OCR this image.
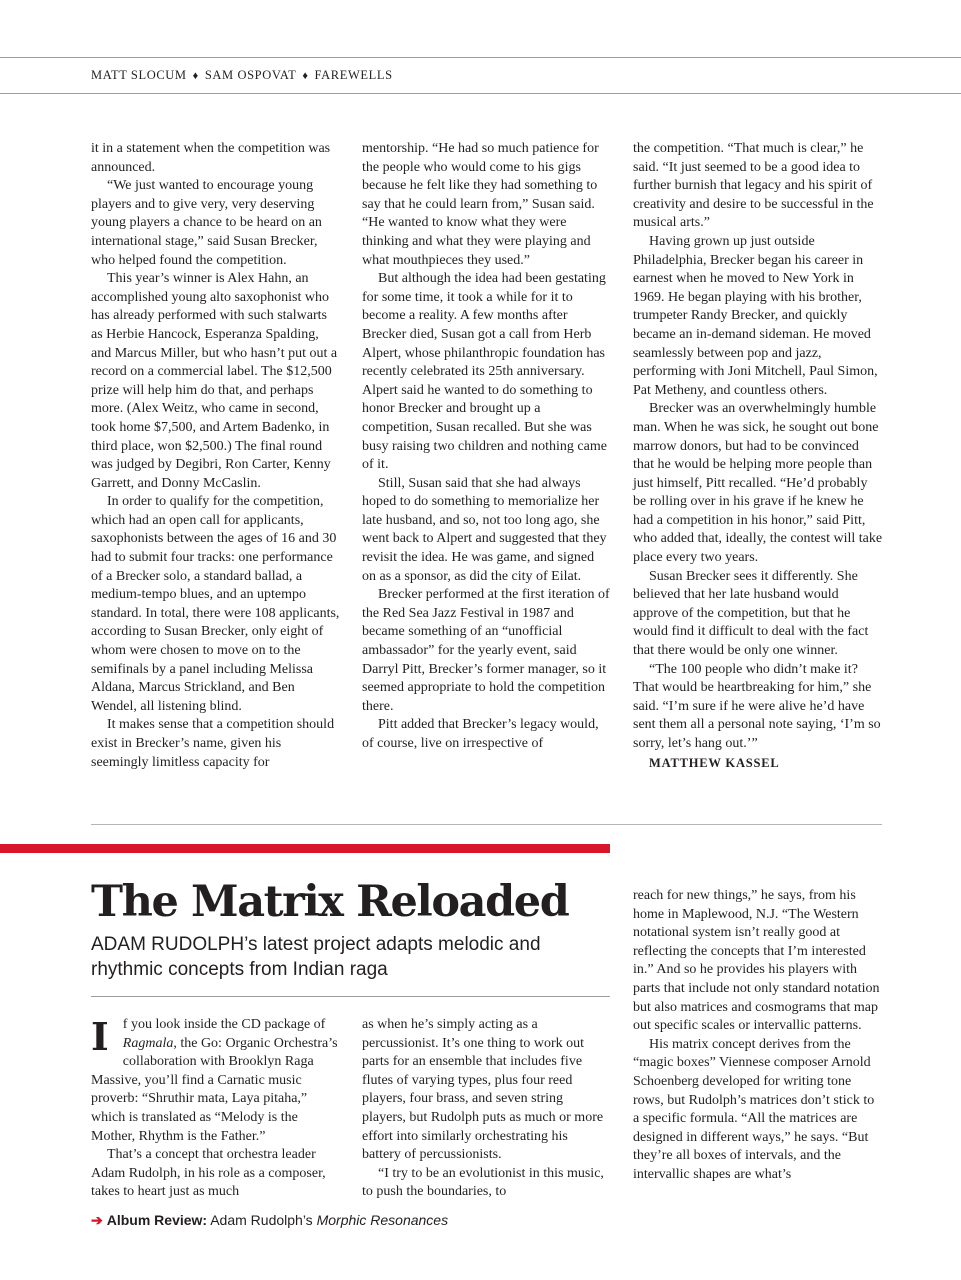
MATT SLOCUM ♦ SAM OSPOVAT ♦ FAREWELLS

it in a statement when the competition was announced.

“We just wanted to encourage young players and to give very, very deserving young players a chance to be heard on an international stage,” said Susan Brecker, who helped found the competition.

This year’s winner is Alex Hahn, an accomplished young alto saxophonist who has already performed with such stalwarts as Herbie Hancock, Esperanza Spalding, and Marcus Miller, but who hasn’t put out a record on a commercial label. The $12,500 prize will help him do that, and perhaps more. (Alex Weitz, who came in second, took home $7,500, and Artem Badenko, in third place, won $2,500.) The final round was judged by Degibri, Ron Carter, Kenny Garrett, and Donny McCaslin.

In order to qualify for the competition, which had an open call for applicants, saxophonists between the ages of 16 and 30 had to submit four tracks: one performance of a Brecker solo, a standard ballad, a medium-tempo blues, and an uptempo standard. In total, there were 108 applicants, according to Susan Brecker, only eight of whom were chosen to move on to the semifinals by a panel including Melissa Aldana, Marcus Strickland, and Ben Wendel, all listening blind.

It makes sense that a competition should exist in Brecker’s name, given his seemingly limitless capacity for

mentorship. “He had so much patience for the people who would come to his gigs because he felt like they had something to say that he could learn from,” Susan said. “He wanted to know what they were thinking and what they were playing and what mouthpieces they used.”

But although the idea had been gestating for some time, it took a while for it to become a reality. A few months after Brecker died, Susan got a call from Herb Alpert, whose philanthropic foundation has recently celebrated its 25th anniversary. Alpert said he wanted to do something to honor Brecker and brought up a competition, Susan recalled. But she was busy raising two children and nothing came of it.

Still, Susan said that she had always hoped to do something to memorialize her late husband, and so, not too long ago, she went back to Alpert and suggested that they revisit the idea. He was game, and signed on as a sponsor, as did the city of Eilat.

Brecker performed at the first iteration of the Red Sea Jazz Festival in 1987 and became something of an “unofficial ambassador” for the yearly event, said Darryl Pitt, Brecker’s former manager, so it seemed appropriate to hold the competition there.

Pitt added that Brecker’s legacy would, of course, live on irrespective of

the competition. “That much is clear,” he said. “It just seemed to be a good idea to further burnish that legacy and his spirit of creativity and desire to be successful in the musical arts.”

Having grown up just outside Philadelphia, Brecker began his career in earnest when he moved to New York in 1969. He began playing with his brother, trumpeter Randy Brecker, and quickly became an in-demand sideman. He moved seamlessly between pop and jazz, performing with Joni Mitchell, Paul Simon, Pat Metheny, and countless others.

Brecker was an overwhelmingly humble man. When he was sick, he sought out bone marrow donors, but had to be convinced that he would be helping more people than just himself, Pitt recalled. “He’d probably be rolling over in his grave if he knew he had a competition in his honor,” said Pitt, who added that, ideally, the contest will take place every two years.

Susan Brecker sees it differently. She believed that her late husband would approve of the competition, but that he would find it difficult to deal with the fact that there would be only one winner.

“The 100 people who didn’t make it? That would be heartbreaking for him,” she said. “I’m sure if he were alive he’d have sent them all a personal note saying, ‘I’m so sorry, let’s hang out.’”

MATTHEW KASSEL

The Matrix Reloaded

ADAM RUDOLPH’s latest project adapts melodic and rhythmic concepts from Indian raga

I f you look inside the CD package of Ragmala, the Go: Organic Orchestra’s collaboration with Brooklyn Raga Massive, you’ll find a Carnatic music proverb: “Shruthir mata, Laya pitaha,” which is translated as “Melody is the Mother, Rhythm is the Father.”

That’s a concept that orchestra leader Adam Rudolph, in his role as a composer, takes to heart just as much

as when he’s simply acting as a percussionist. It’s one thing to work out parts for an ensemble that includes five flutes of varying types, plus four reed players, four brass, and seven string players, but Rudolph puts as much or more effort into similarly orchestrating his battery of percussionists.

“I try to be an evolutionist in this music, to push the boundaries, to

reach for new things,” he says, from his home in Maplewood, N.J. “The Western notational system isn’t really good at reflecting the concepts that I’m interested in.” And so he provides his players with parts that include not only standard notation but also matrices and cosmograms that map out specific scales or intervallic patterns.

His matrix concept derives from the “magic boxes” Viennese composer Arnold Schoenberg developed for writing tone rows, but Rudolph’s matrices don’t stick to a specific formula. “All the matrices are designed in different ways,” he says. “But they’re all boxes of intervals, and the intervallic shapes are what’s

➔ Album Review: Adam Rudolph’s Morphic Resonances
